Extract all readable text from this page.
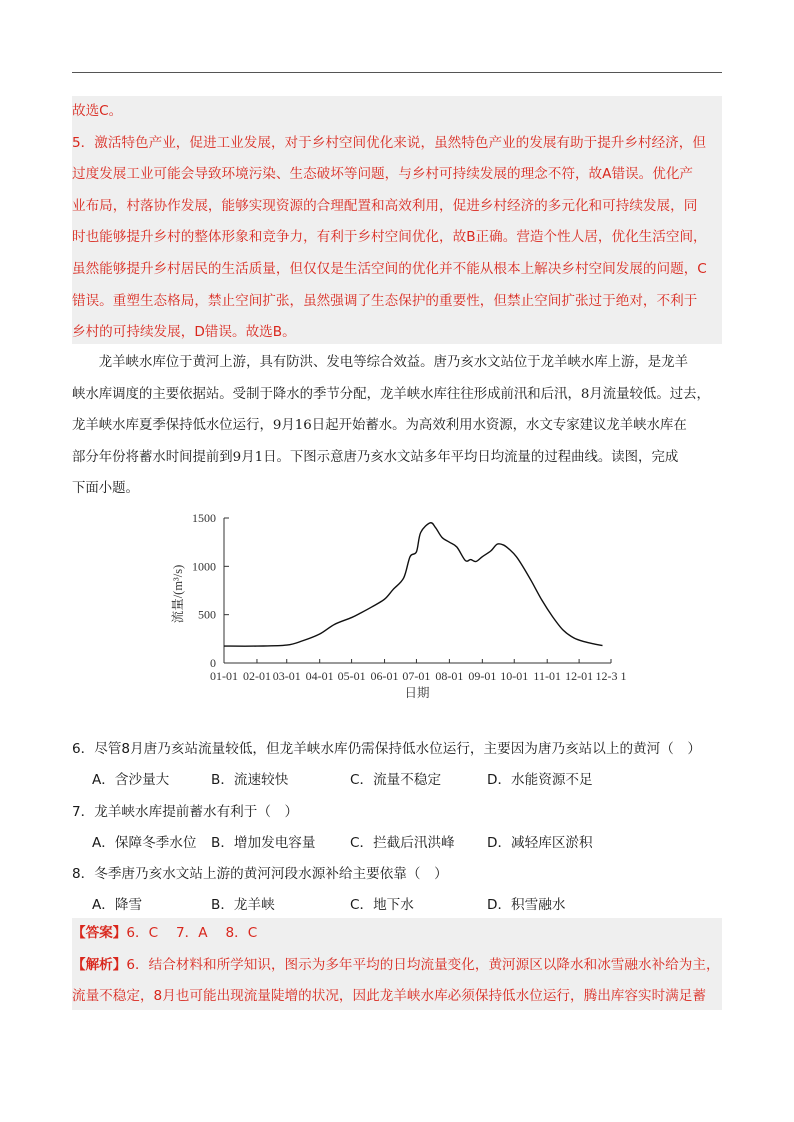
故选C。

5．激活特色产业，促进工业发展，对于乡村空间优化来说，虽然特色产业的发展有助于提升乡村经济，但

过度发展工业可能会导致环境污染、生态破坏等问题，与乡村可持续发展的理念不符，故A错误。优化产

业布局，村落协作发展，能够实现资源的合理配置和高效利用，促进乡村经济的多元化和可持续发展，同

时也能够提升乡村的整体形象和竞争力，有利于乡村空间优化，故B正确。营造个性人居，优化生活空间，

虽然能够提升乡村居民的生活质量，但仅仅是生活空间的优化并不能从根本上解决乡村空间发展的问题，C

错误。重塑生态格局，禁止空间扩张，虽然强调了生态保护的重要性，但禁止空间扩张过于绝对，不利于

乡村的可持续发展，D错误。故选B。

　　龙羊峡水库位于黄河上游，具有防洪、发电等综合效益。唐乃亥水文站位于龙羊峡水库上游，是龙羊

峡水库调度的主要依据站。受制于降水的季节分配，龙羊峡水库往往形成前汛和后汛，8月流量较低。过去，

龙羊峡水库夏季保持低水位运行，9月16日起开始蓄水。为高效利用水资源，水文专家建议龙羊峡水库在

部分年份将蓄水时间提前到9月1日。下图示意唐乃亥水文站多年平均日均流量的过程曲线。读图，完成

下面小题。

0
500
1000
1500
01-01 02-01 03-01 04-01 05-01 06-01 07-01 08-01 09-01 10-01 11-01 12-01 12-3 1
流量/(m³/s)
日期
6．尽管8月唐乃亥站流量较低，但龙羊峡水库仍需保持低水位运行，主要因为唐乃亥站以上的黄河（　）
A．含沙量大	B．流速较快	C．流量不稳定	D．水能资源不足
7．龙羊峡水库提前蓄水有利于（　）
A．保障冬季水位 B．增加发电容量	C．拦截后汛洪峰 D．减轻库区淤积
8．冬季唐乃亥水文站上游的黄河河段水源补给主要依靠（　）
A．降雪	B．龙羊峡	C．地下水	D．积雪融水

【答案】6．C　 7．A　 8．C

【解析】6．结合材料和所学知识，图示为多年平均的日均流量变化，黄河源区以降水和冰雪融水补给为主，

流量不稳定，8月也可能出现流量陡增的状况，因此龙羊峡水库必须保持低水位运行，腾出库容实时满足蓄
